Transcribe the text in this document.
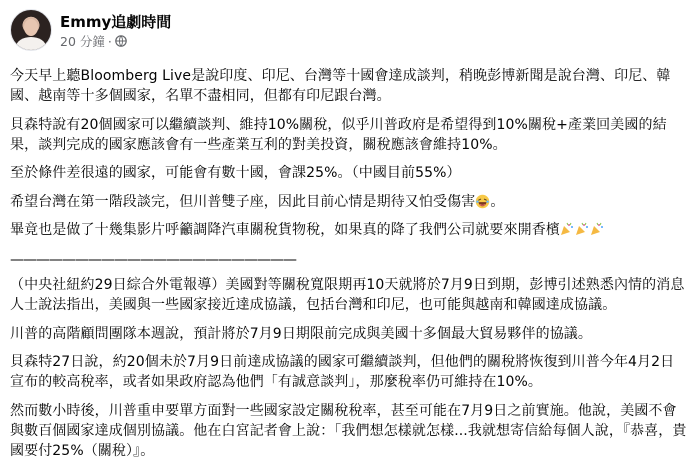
Emmy追劇時間
20 分鐘 ·

今天早上聽Bloomberg Live是說印度、印尼、台灣等十國會達成談判，稍晚彭博新聞是說台灣、印尼、韓國、越南等十多個國家，名單不盡相同，但都有印尼跟台灣。

貝森特說有20個國家可以繼續談判、維持10%關稅，似乎川普政府是希望得到10%關稅+產業回美國的結果，談判完成的國家應該會有一些產業互利的對美投資，關稅應該會維持10%。

至於條件差很遠的國家，可能會有數十國，會課25%。（中國目前55%）

希望台灣在第一階段談完，但川普雙子座，因此目前心情是期待又怕受傷害 。

畢竟也是做了十幾集影片呼籲調降汽車關稅貨物稅，如果真的降了我們公司就要來開香檳

——————————————————————

（中央社紐約29日綜合外電報導）美國對等關稅寬限期再10天就將於7月9日到期，彭博引述熟悉內情的消息人士說法指出，美國與一些國家接近達成協議，包括台灣和印尼，也可能與越南和韓國達成協議。

川普的高階顧問團隊本週說，預計將於7月9日期限前完成與美國十多個最大貿易夥伴的協議。

貝森特27日說，約20個未於7月9日前達成協議的國家可繼續談判，但他們的關稅將恢復到川普今年4月2日宣布的較高稅率，或者如果政府認為他們「有誠意談判」，那麼稅率仍可維持在10%。

然而數小時後，川普重申要單方面對一些國家設定關稅稅率，甚至可能在7月9日之前實施。他說，美國不會與數百個國家達成個別協議。他在白宮記者會上說：「我們想怎樣就怎樣...我就想寄信給每個人說，『恭喜，貴國要付25%（關稅）』。
